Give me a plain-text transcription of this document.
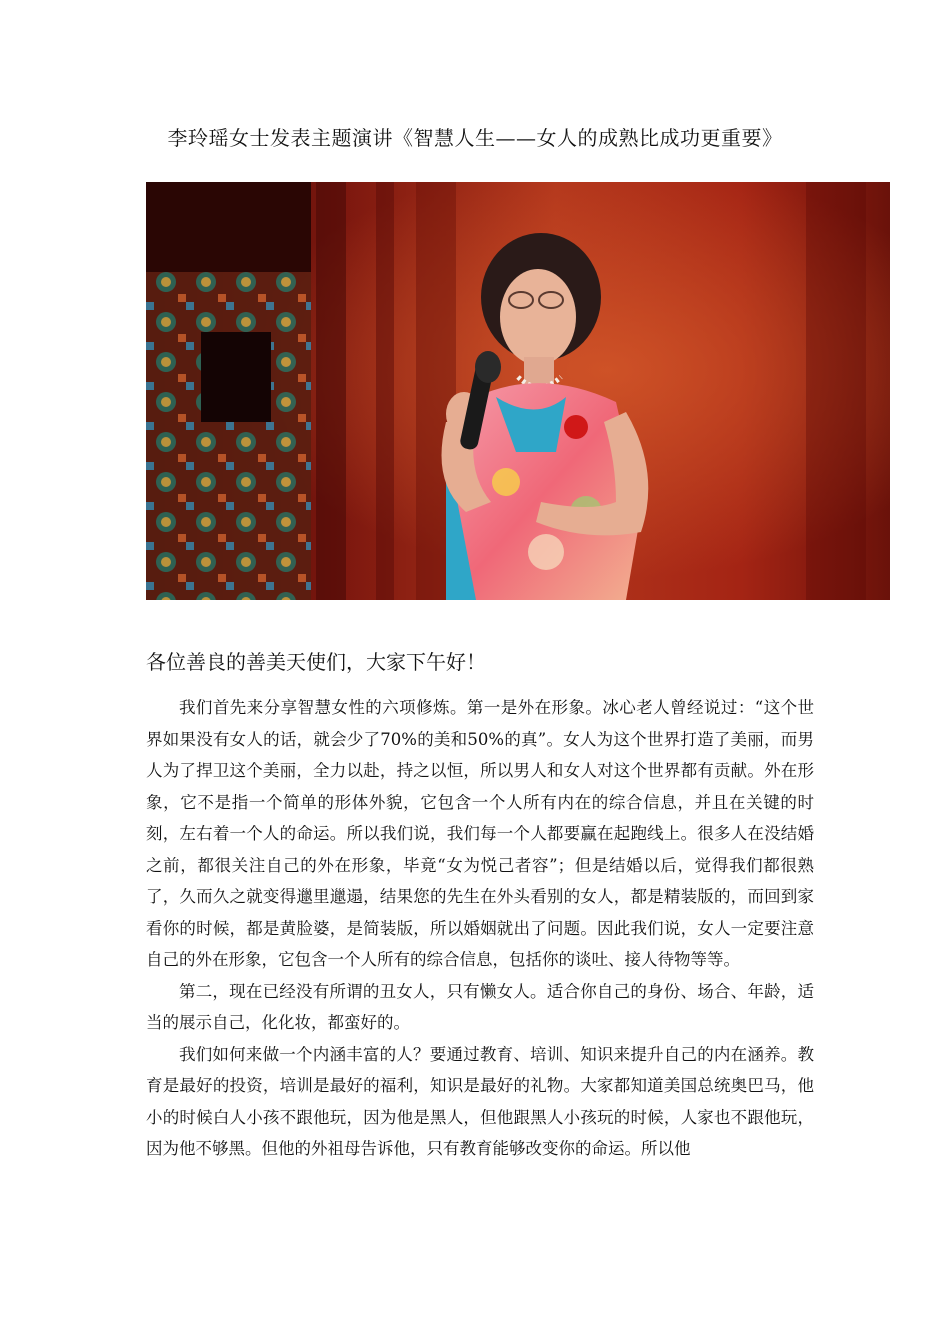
李玲瑶女士发表主题演讲《智慧人生——女人的成熟比成功更重要》
各位善良的善美天使们，大家下午好！

我们首先来分享智慧女性的六项修炼。第一是外在形象。冰心老人曾经说过：“这个世界如果没有女人的话，就会少了70%的美和50%的真”。女人为这个世界打造了美丽，而男人为了捍卫这个美丽，全力以赴，持之以恒，所以男人和女人对这个世界都有贡献。外在形象，它不是指一个简单的形体外貌，它包含一个人所有内在的综合信息，并且在关键的时刻，左右着一个人的命运。所以我们说，我们每一个人都要赢在起跑线上。很多人在没结婚之前，都很关注自己的外在形象，毕竟“女为悦己者容”；但是结婚以后，觉得我们都很熟了，久而久之就变得邋里邋遢，结果您的先生在外头看别的女人，都是精装版的，而回到家看你的时候，都是黄脸婆，是简装版，所以婚姻就出了问题。因此我们说，女人一定要注意自己的外在形象，它包含一个人所有的综合信息，包括你的谈吐、接人待物等等。

第二，现在已经没有所谓的丑女人，只有懒女人。适合你自己的身份、场合、年龄，适当的展示自己，化化妆，都蛮好的。

我们如何来做一个内涵丰富的人？要通过教育、培训、知识来提升自己的内在涵养。教育是最好的投资，培训是最好的福利，知识是最好的礼物。大家都知道美国总统奥巴马，他小的时候白人小孩不跟他玩，因为他是黑人，但他跟黑人小孩玩的时候，人家也不跟他玩，因为他不够黑。但他的外祖母告诉他，只有教育能够改变你的命运。所以他
